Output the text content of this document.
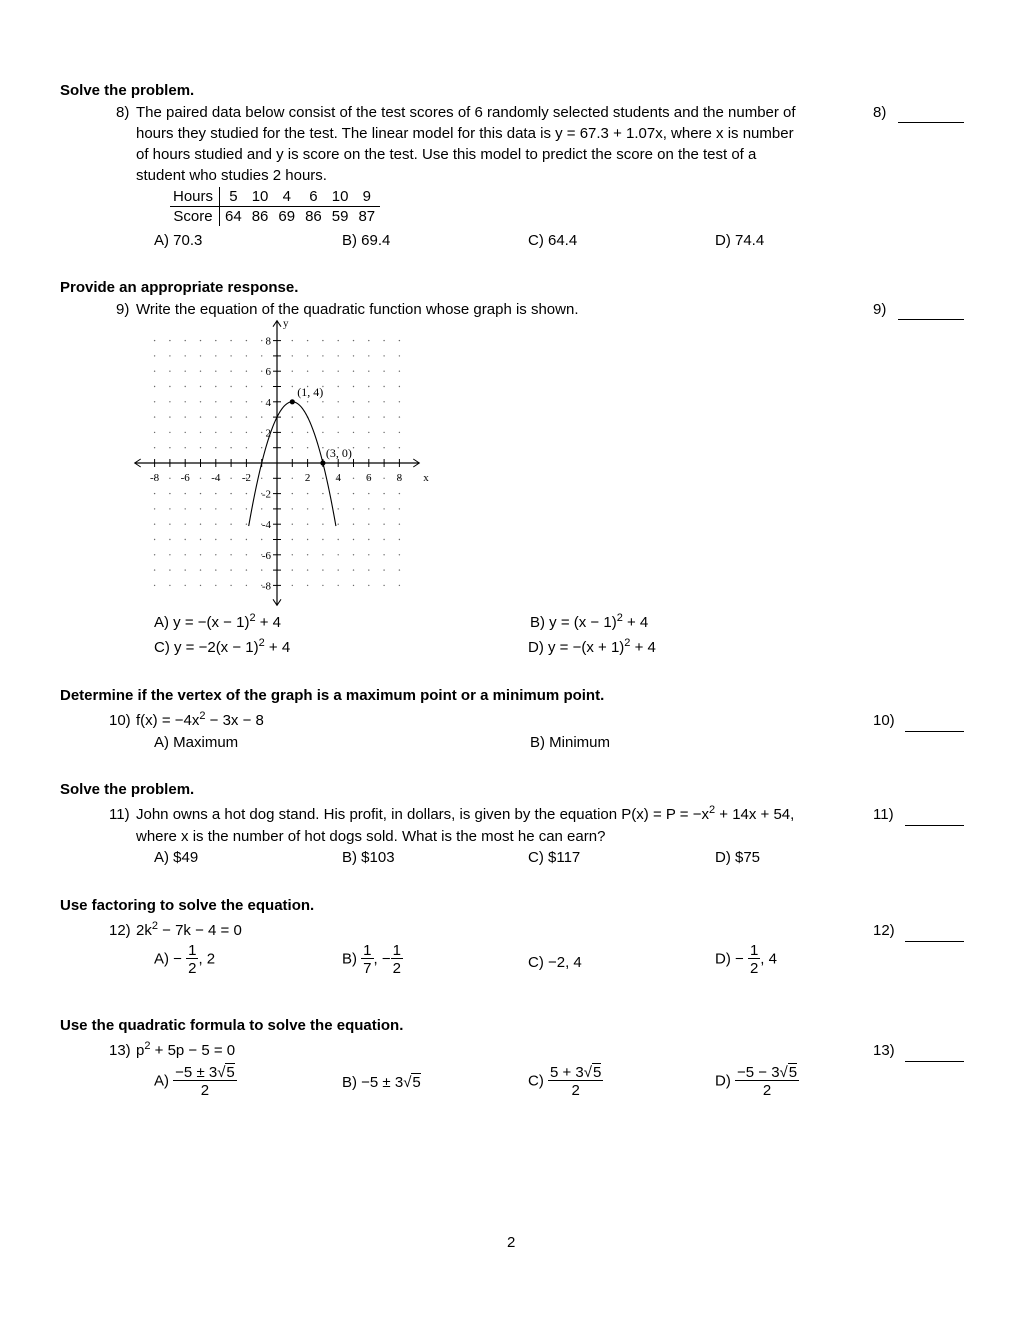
Solve the problem.
8) The paired data below consist of the test scores of 6 randomly selected students and the number of
hours they studied for the test. The linear model for this data is y = 67.3 + 1.07x, where x is number
of hours studied and y is score on the test. Use this model to predict the score on the test of a
student who studies 2 hours.
8)
Hours	5	10	4	6	10	9
Score	64	86	69	86	59	87
A) 70.3	B) 69.4	C) 64.4	D) 74.4
Provide an appropriate response.
9) Write the equation of the quadratic function whose graph is shown.	9)
-8 -6 -4 -2	2 4 6 8
8
6
4
2
-2
-4
-6
-8
(1, 4)
(3, 0)
x
y
A) $y = -(x - 1)^2 + 4$	B) $y = (x - 1)^2 + 4$
C) $y = -2(x - 1)^2 + 4$	D) $y = -(x + 1)^2 + 4$
Determine if the vertex of the graph is a maximum point or a minimum point.
10) $f(x) = -4x^2 - 3x - 8$	10)
A) Maximum	B) Minimum
Solve the problem.
11) John owns a hot dog stand. His profit, in dollars, is given by the equation $P(x) = P = -x^2 + 14x + 54$,
where x is the number of hot dogs sold. What is the most he can earn?
11)
A) $49	B) $103	C) $117	D) $75
Use factoring to solve the equation.
12) $2k^2 - 7k - 4 = 0$	12)
$A) - \frac{1}{2}$ , 2	$B) \frac{1}{7}$ , − $\frac{1}{2}$	C) −2, 4	$D) - \frac{1}{2}$ , 4
Use the quadratic formula to solve the equation.
13) $p^2 + 5p - 5 = 0$	13)
$A) \frac{-5 \pm 3√5}{2}$	B) −5 ± 3√5	$C) \frac{5 + 3√5}{2}$	$D) \frac{-5 - 3√5}{2}$
2
